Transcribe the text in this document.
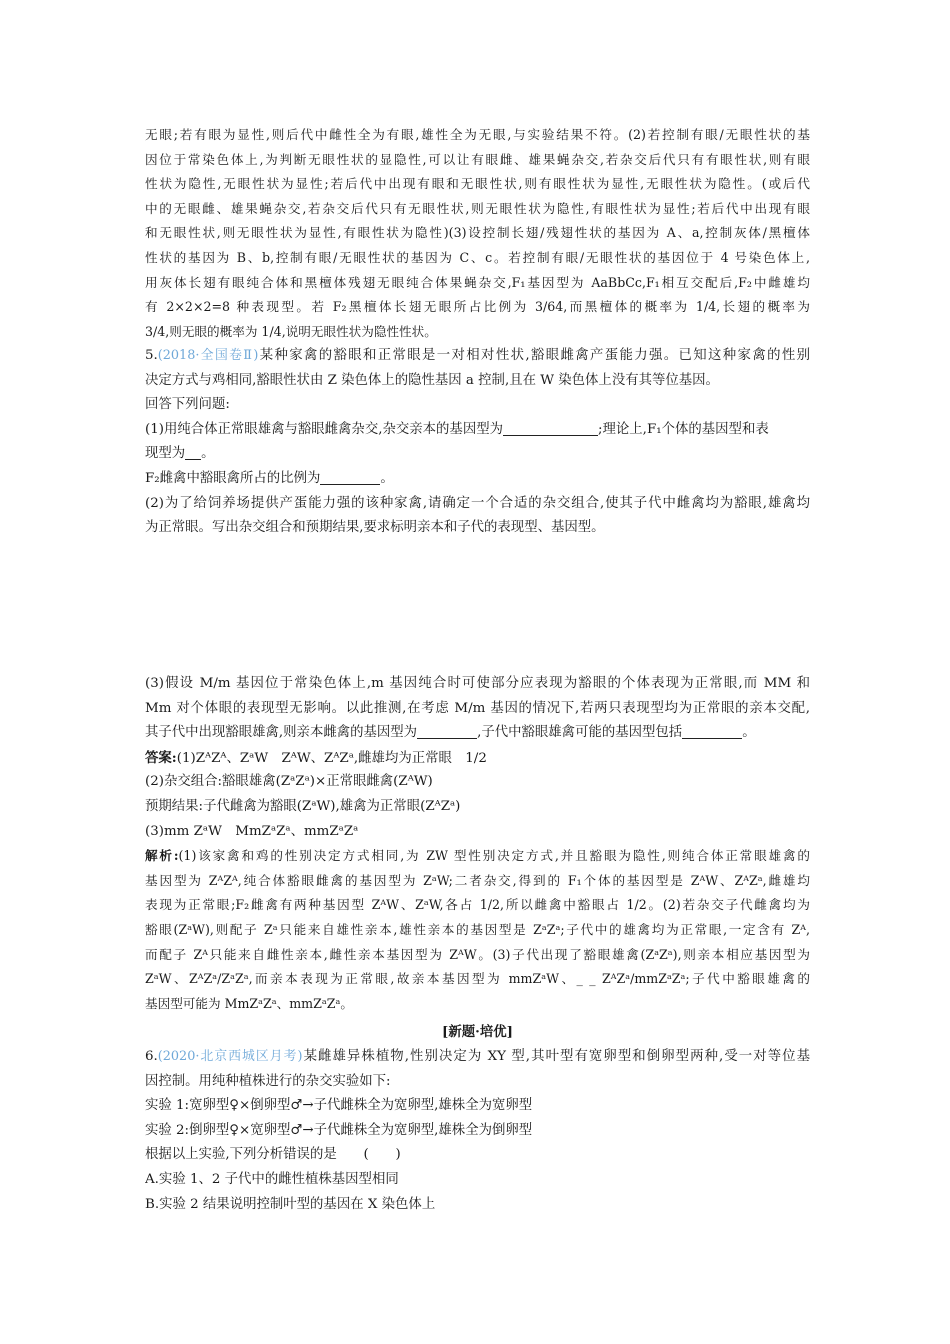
无眼;若有眼为显性,则后代中雌性全为有眼,雄性全为无眼,与实验结果不符。(2)若控制有眼/无眼性状的基
因位于常染色体上,为判断无眼性状的显隐性,可以让有眼雌、雄果蝇杂交,若杂交后代只有有眼性状,则有眼
性状为隐性,无眼性状为显性;若后代中出现有眼和无眼性状,则有眼性状为显性,无眼性状为隐性。(或后代
中的无眼雌、雄果蝇杂交,若杂交后代只有无眼性状,则无眼性状为隐性,有眼性状为显性;若后代中出现有眼
和无眼性状,则无眼性状为显性,有眼性状为隐性)(3)设控制长翅/残翅性状的基因为 A、a,控制灰体/黑檀体
性状的基因为 B、b,控制有眼/无眼性状的基因为 C、c。若控制有眼/无眼性状的基因位于 4 号染色体上,
用灰体长翅有眼纯合体和黑檀体残翅无眼纯合体果蝇杂交,F₁基因型为 AaBbCc,F₁相互交配后,F₂中雌雄均
有 2×2×2=8 种表现型。若 F₂黑檀体长翅无眼所占比例为 3/64,而黑檀体的概率为 1/4,长翅的概率为
3/4,则无眼的概率为 1/4,说明无眼性状为隐性性状。
5.(2018·全国卷Ⅱ)某种家禽的豁眼和正常眼是一对相对性状,豁眼雌禽产蛋能力强。已知这种家禽的性别
决定方式与鸡相同,豁眼性状由 Z 染色体上的隐性基因 a 控制,且在 W 染色体上没有其等位基因。
回答下列问题:
(1)用纯合体正常眼雄禽与豁眼雌禽杂交,杂交亲本的基因型为	;理论上,F₁个体的基因型和表
现型为 。
F₂雌禽中豁眼禽所占的比例为	。
(2)为了给饲养场提供产蛋能力强的该种家禽,请确定一个合适的杂交组合,使其子代中雌禽均为豁眼,雄禽均
为正常眼。写出杂交组合和预期结果,要求标明亲本和子代的表现型、基因型。
(3)假设 M/m 基因位于常染色体上,m 基因纯合时可使部分应表现为豁眼的个体表现为正常眼,而 MM 和
Mm 对个体眼的表现型无影响。以此推测,在考虑 M/m 基因的情况下,若两只表现型均为正常眼的亲本交配,
其子代中出现豁眼雄禽,则亲本雌禽的基因型为	,子代中豁眼雄禽可能的基因型包括	。
答案:(1)ZᴬZᴬ、ZᵃW　ZᴬW、ZᴬZᵃ,雌雄均为正常眼　1/2
(2)杂交组合:豁眼雄禽(ZᵃZᵃ)×正常眼雌禽(ZᴬW)
预期结果:子代雌禽为豁眼(ZᵃW),雄禽为正常眼(ZᴬZᵃ)
(3)mm ZᵃW　MmZᵃZᵃ、mmZᵃZᵃ
解析:(1)该家禽和鸡的性别决定方式相同,为 ZW 型性别决定方式,并且豁眼为隐性,则纯合体正常眼雄禽的
基因型为 ZᴬZᴬ,纯合体豁眼雌禽的基因型为 ZᵃW;二者杂交,得到的 F₁个体的基因型是 ZᴬW、ZᴬZᵃ,雌雄均
表现为正常眼;F₂雌禽有两种基因型 ZᴬW、ZᵃW,各占 1/2,所以雌禽中豁眼占 1/2。(2)若杂交子代雌禽均为
豁眼(ZᵃW),则配子 Zᵃ只能来自雄性亲本,雄性亲本的基因型是 ZᵃZᵃ;子代中的雄禽均为正常眼,一定含有 Zᴬ,
而配子 Zᴬ只能来自雌性亲本,雌性亲本基因型为 ZᴬW。(3)子代出现了豁眼雄禽(ZᵃZᵃ),则亲本相应基因型为
ZᵃW、ZᴬZᵃ/ZᵃZᵃ,而亲本表现为正常眼,故亲本基因型为 mmZᵃW、_ _ ZᴬZᵃ/mmZᵃZᵃ;子代中豁眼雄禽的
基因型可能为 MmZᵃZᵃ、mmZᵃZᵃ。
[新题·培优]
6.(2020·北京西城区月考)某雌雄异株植物,性别决定为 XY 型,其叶型有宽卵型和倒卵型两种,受一对等位基
因控制。用纯种植株进行的杂交实验如下:
实验 1:宽卵型♀×倒卵型♂→子代雌株全为宽卵型,雄株全为宽卵型
实验 2:倒卵型♀×宽卵型♂→子代雌株全为宽卵型,雄株全为倒卵型
根据以上实验,下列分析错误的是　　(　　)
A.实验 1、2 子代中的雌性植株基因型相同
B.实验 2 结果说明控制叶型的基因在 X 染色体上
